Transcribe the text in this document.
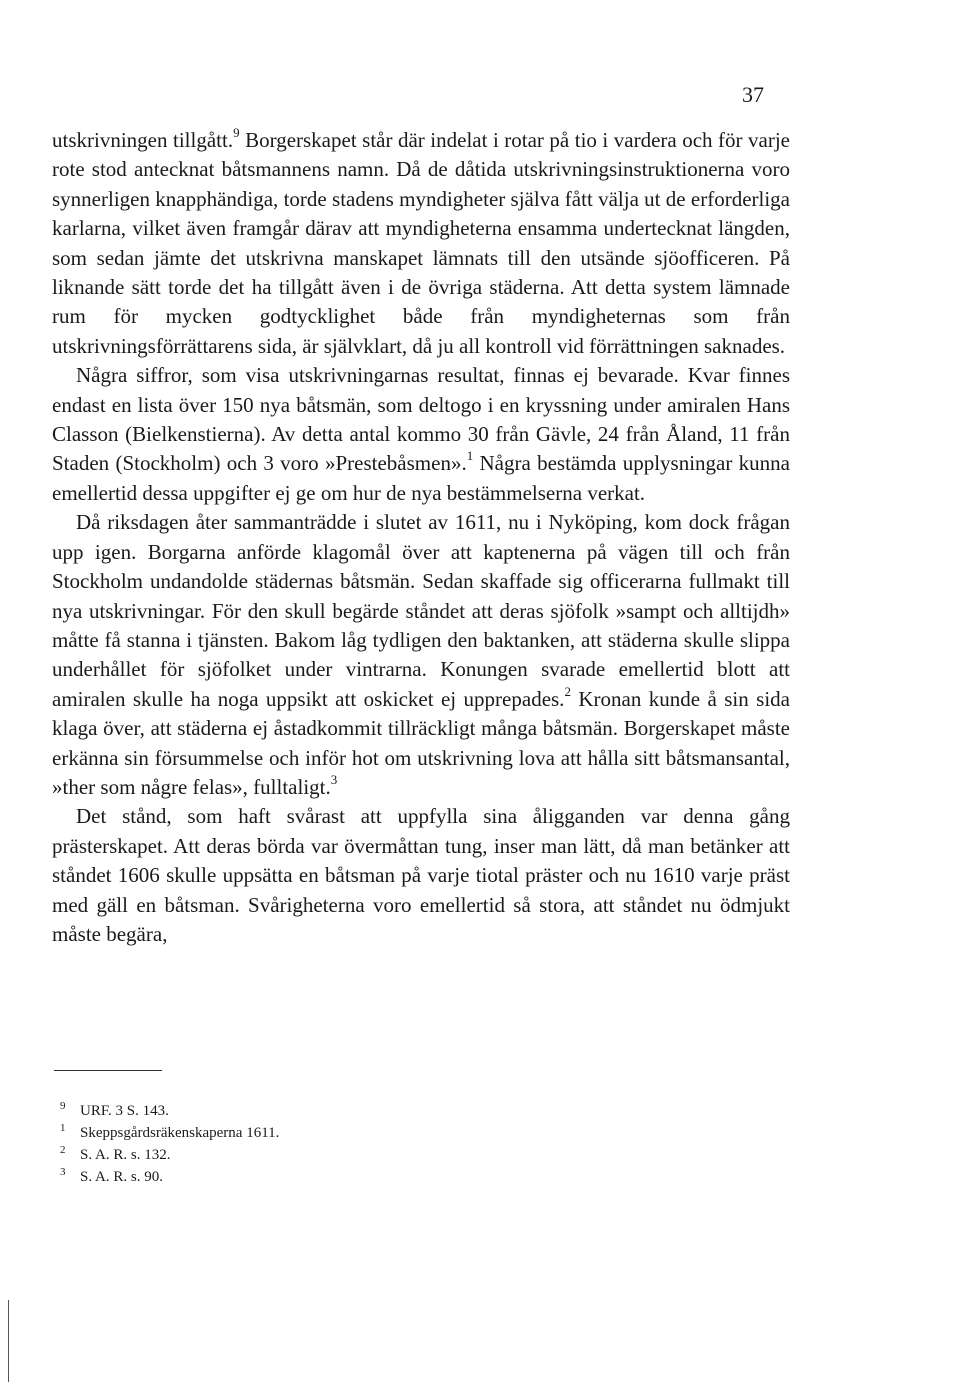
37

utskrivningen tillgått.$^9$ Borgerskapet står där indelat i rotar på tio i vardera och för varje rote stod antecknat båtsmannens namn. Då de dåtida utskrivningsinstruktionerna voro synnerligen knapphändiga, torde stadens myndigheter själva fått välja ut de erforderliga karlarna, vilket även framgår därav att myndigheterna ensamma undertecknat längden, som sedan jämte det utskrivna manskapet lämnats till den utsände sjöofficeren. På liknande sätt torde det ha tillgått även i de övriga städerna. Att detta system lämnade rum för mycken godtycklighet både från myndigheternas som från utskrivningsförrättarens sida, är självklart, då ju all kontroll vid förrättningen saknades.

Några siffror, som visa utskrivningarnas resultat, finnas ej bevarade. Kvar finnes endast en lista över 150 nya båtsmän, som deltogo i en kryssning under amiralen Hans Classon (Bielkenstierna). Av detta antal kommo 30 från Gävle, 24 från Åland, 11 från Staden (Stockholm) och 3 voro »Prestebåsmen».$^1$ Några bestämda upplysningar kunna emellertid dessa uppgifter ej ge om hur de nya bestämmelserna verkat.

Då riksdagen åter sammanträdde i slutet av 1611, nu i Nyköping, kom dock frågan upp igen. Borgarna anförde klagomål över att kaptenerna på vägen till och från Stockholm undandolde städernas båtsmän. Sedan skaffade sig officerarna fullmakt till nya utskrivningar. För den skull begärde ståndet att deras sjöfolk »sampt och alltijdh» måtte få stanna i tjänsten. Bakom låg tydligen den baktanken, att städerna skulle slippa underhållet för sjöfolket under vintrarna. Konungen svarade emellertid blott att amiralen skulle ha noga uppsikt att oskicket ej upprepades.$^2$ Kronan kunde å sin sida klaga över, att städerna ej åstadkommit tillräckligt många båtsmän. Borgerskapet måste erkänna sin försummelse och inför hot om utskrivning lova att hålla sitt båtsmansantal, »ther som någre felas», fulltaligt.$^3$

Det stånd, som haft svårast att uppfylla sina åligganden var denna gång prästerskapet. Att deras börda var övermåttan tung, inser man lätt, då man betänker att ståndet 1606 skulle uppsätta en båtsman på varje tiotal präster och nu 1610 varje präst med gäll en båtsman. Svårigheterna voro emellertid så stora, att ståndet nu ödmjukt måste begära,

9 URF. 3 S. 143.
1 Skeppsgårdsräkenskaperna 1611.
2 S. A. R. s. 132.
3 S. A. R. s. 90.
